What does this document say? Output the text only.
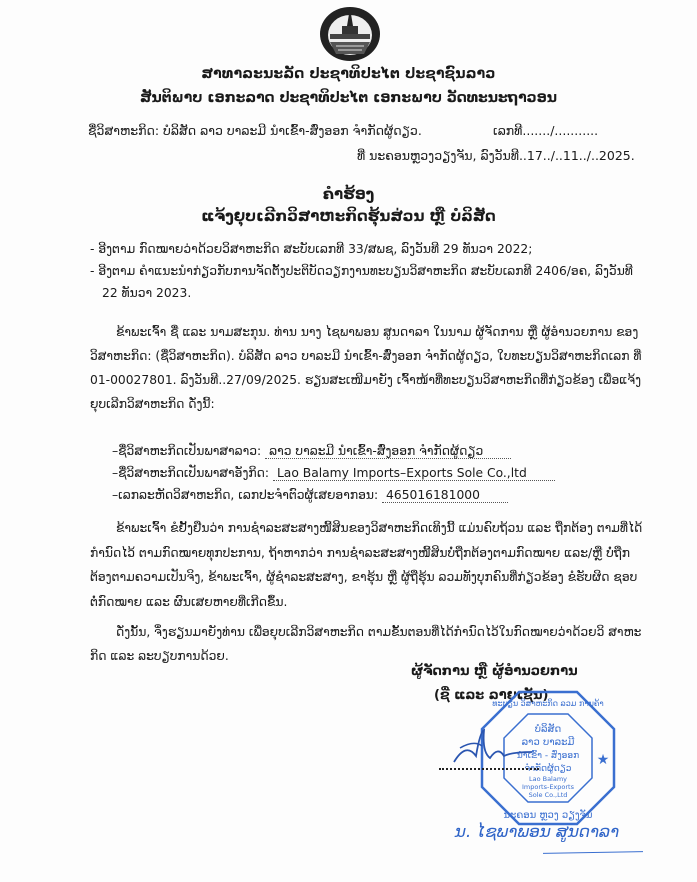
ສາທາລະນະລັດ ປະຊາທິປະໄຕ ປະຊາຊົນລາວ
ສັນຕິພາບ ເອກະລາດ ປະຊາທິປະໄຕ ເອກະພາບ ວັດທະນະຖາວອນ
ຊື່ວິສາຫະກິດ: ບໍລິສັດ ລາວ ບາລະມີ ນຳເຂົ້າ-ສົ່ງອອກ ຈຳກັດຜູ້ດຽວ.	ເລກທີ......./...........
ທີ່ ນະຄອນຫຼວງວຽງຈັນ, ລົງວັນທີ..17../..11../..2025.
ຄຳຮ້ອງ
ແຈ້ງຍຸບເລີກວິສາຫະກິດຮຸ້ນສ່ວນ ຫຼື ບໍລິສັດ
- ອີງຕາມ ກົດໝາຍວ່າດ້ວຍວິສາຫະກິດ ສະບັບເລກທີ 33/ສພຊ, ລົງວັນທີ 29 ທັນວາ 2022;
- ອີງຕາມ ຄຳແນະນຳກ່ຽວກັບການຈັດຕັ້ງປະຕິບັດວຽກງານທະບຽນວິສາຫະກິດ ສະບັບເລກທີ 2406/ອຄ, ລົງວັນທີ 22 ທັນວາ 2023.
ຂ້າພະເຈົ້າ ຊື່ ແລະ ນາມສະກຸນ. ທ່ານ ນາງ ໄຊພາພອນ ສູນດາລາ ໃນນາມ ຜູ້ຈັດການ ຫຼື ຜູ້ອຳນວຍການ ຂອງ ວິສາຫະກິດ: (ຊື່ວິສາຫະກິດ). ບໍລິສັດ ລາວ ບາລະມີ ນຳເຂົ້າ-ສົ່ງອອກ ຈຳກັດຜູ້ດຽວ, ໃບທະບຽນວິສາຫະກິດເລກ ທີ່ 01-00027801. ລົງວັນທີ..27/09/2025. ຮຽນສະເໜີມາຍັງ ເຈົ້າໜ້າທີ່ທະບຽນວິສາຫະກິດທີ່ກ່ຽວຂ້ອງ ເພື່ອແຈ້ງຍຸບເລີກວິສາຫະກິດ ດັ່ງນີ້:
–ຊື່ວິສາຫະກິດເປັນພາສາລາວ: ລາວ ບາລະມີ ນຳເຂົ້າ-ສົ່ງອອກ ຈຳກັດຜູ້ດຽວ
–ຊື່ວິສາຫະກິດເປັນພາສາອັງກິດ: Lao Balamy Imports–Exports Sole Co.,ltd
–ເລກລະຫັດວິສາຫະກິດ, ເລກປະຈຳຕົວຜູ້ເສຍອາກອນ: 465016181000
ຂ້າພະເຈົ້າ ຂໍຢັ້ງຢືນວ່າ ການຊຳລະສະສາງໜີ້ສິນຂອງວິສາຫະກິດເທິງນີ້ ແມ່ນຄົບຖ້ວນ ແລະ ຖືກຕ້ອງ ຕາມທີ່ໄດ້ ກຳນົດໄວ້ ຕາມກົດໝາຍທຸກປະການ, ຖ້າຫາກວ່າ ການຊຳລະສະສາງໜີ້ສິນບໍ່ຖືກຕ້ອງຕາມກົດໝາຍ ແລະ/ຫຼື ບໍ່ຖືກ ຕ້ອງຕາມຄວາມເປັນຈິງ, ຂ້າພະເຈົ້າ, ຜູ້ຊຳລະສະສາງ, ຂາຮຸ້ນ ຫຼື ຜູ້ຖືຮຸ້ນ ລວມທັງບຸກຄົນທີ່ກ່ຽວຂ້ອງ ຂໍຮັບຜິດ ຊອບຕໍ່ກົດໝາຍ ແລະ ຜົນເສຍຫາຍທີ່ເກີດຂຶ້ນ.
ດັ່ງນັ້ນ, ຈຶ່ງຮຽນມາຍັງທ່ານ ເພື່ອຍຸບເລີກວິສາຫະກິດ ຕາມຂັ້ນຕອນທີ່ໄດ້ກຳນົດໄວ້ໃນກົດໝາຍວ່າດ້ວຍວິ ສາຫະກິດ ແລະ ລະບຽບການດ້ວຍ.
ຜູ້ຈັດການ ຫຼື ຜູ້ອຳນວຍການ
(ຊື່ ແລະ ລາຍເຊັນ)
ບໍລິສັດ
ລາວ ບາລະມີ
ນຳເຂົ້າ - ສົ່ງອອກ
ຈຳກັດຜູ້ດຽວ
Lao Balamy
Imports-Exports
Sole Co.,Ltd
★
ນະຄອນ ຫຼວງ ວຽງຈັນ
ທະບຽນ ວິສາຫະກິດ ລວມ ການຄ້າ
ນ. ໄຊພາພອນ ສູນດາລາ
